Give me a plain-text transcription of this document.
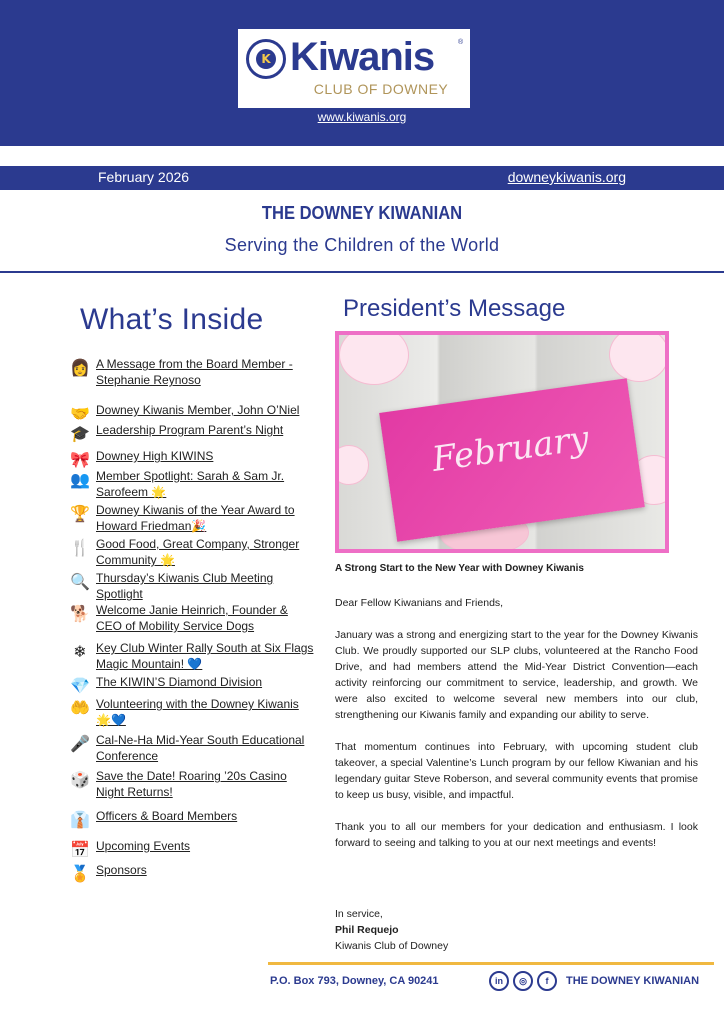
K Kiwanis	®
CLUB OF DOWNEY
www.kiwanis.org
February 2026	downeykiwanis.org
THE DOWNEY KIWANIAN
Serving the Children of the World
What’s Inside
👩 A Message from the Board Member - Stephanie Reynoso
🤝 Downey Kiwanis Member, John O’Niel
🎓 Leadership Program Parent’s Night
🎀 Downey High KIWINS
👥 Member Spotlight: Sarah & Sam Jr. Sarofeem 🌟
🏆 Downey Kiwanis of the Year Award to Howard Friedman🎉
🍴 Good Food, Great Company, Stronger Community 🌟
🔍 Thursday’s Kiwanis Club Meeting Spotlight
🐕 Welcome Janie Heinrich, Founder & CEO of Mobility Service Dogs
❄ Key Club Winter Rally South at Six Flags Magic Mountain! 💙
💎 The KIWIN’S Diamond Division
🤲 Volunteering with the Downey Kiwanis 🌟💙
🎤 Cal-Ne-Ha Mid-Year South Educational Conference
🎲 Save the Date! Roaring ’20s Casino Night Returns!
👔 Officers & Board Members
📅 Upcoming Events
🏅 Sponsors
President’s Message
February
A Strong Start to the New Year with Downey Kiwanis

Dear Fellow Kiwanians and Friends,

January was a strong and energizing start to the year for the Downey Kiwanis Club. We proudly supported our SLP clubs, volunteered at the Rancho Food Drive, and had members attend the Mid-Year District Convention—each activity reinforcing our commitment to service, leadership, and growth. We were also excited to welcome several new members into our club, strengthening our Kiwanis family and expanding our ability to serve.

That momentum continues into February, with upcoming student club takeover, a special Valentine’s Lunch program by our fellow Kiwanian and his legendary guitar Steve Roberson, and several community events that promise to keep us busy, visible, and impactful.

Thank you to all our members for your dedication and enthusiasm. I look forward to seeing and talking to you at our next meetings and events!

In service,
Phil Requejo
Kiwanis Club of Downey
P.O. Box 793, Downey, CA 90241	in	◎	f	THE DOWNEY KIWANIAN
